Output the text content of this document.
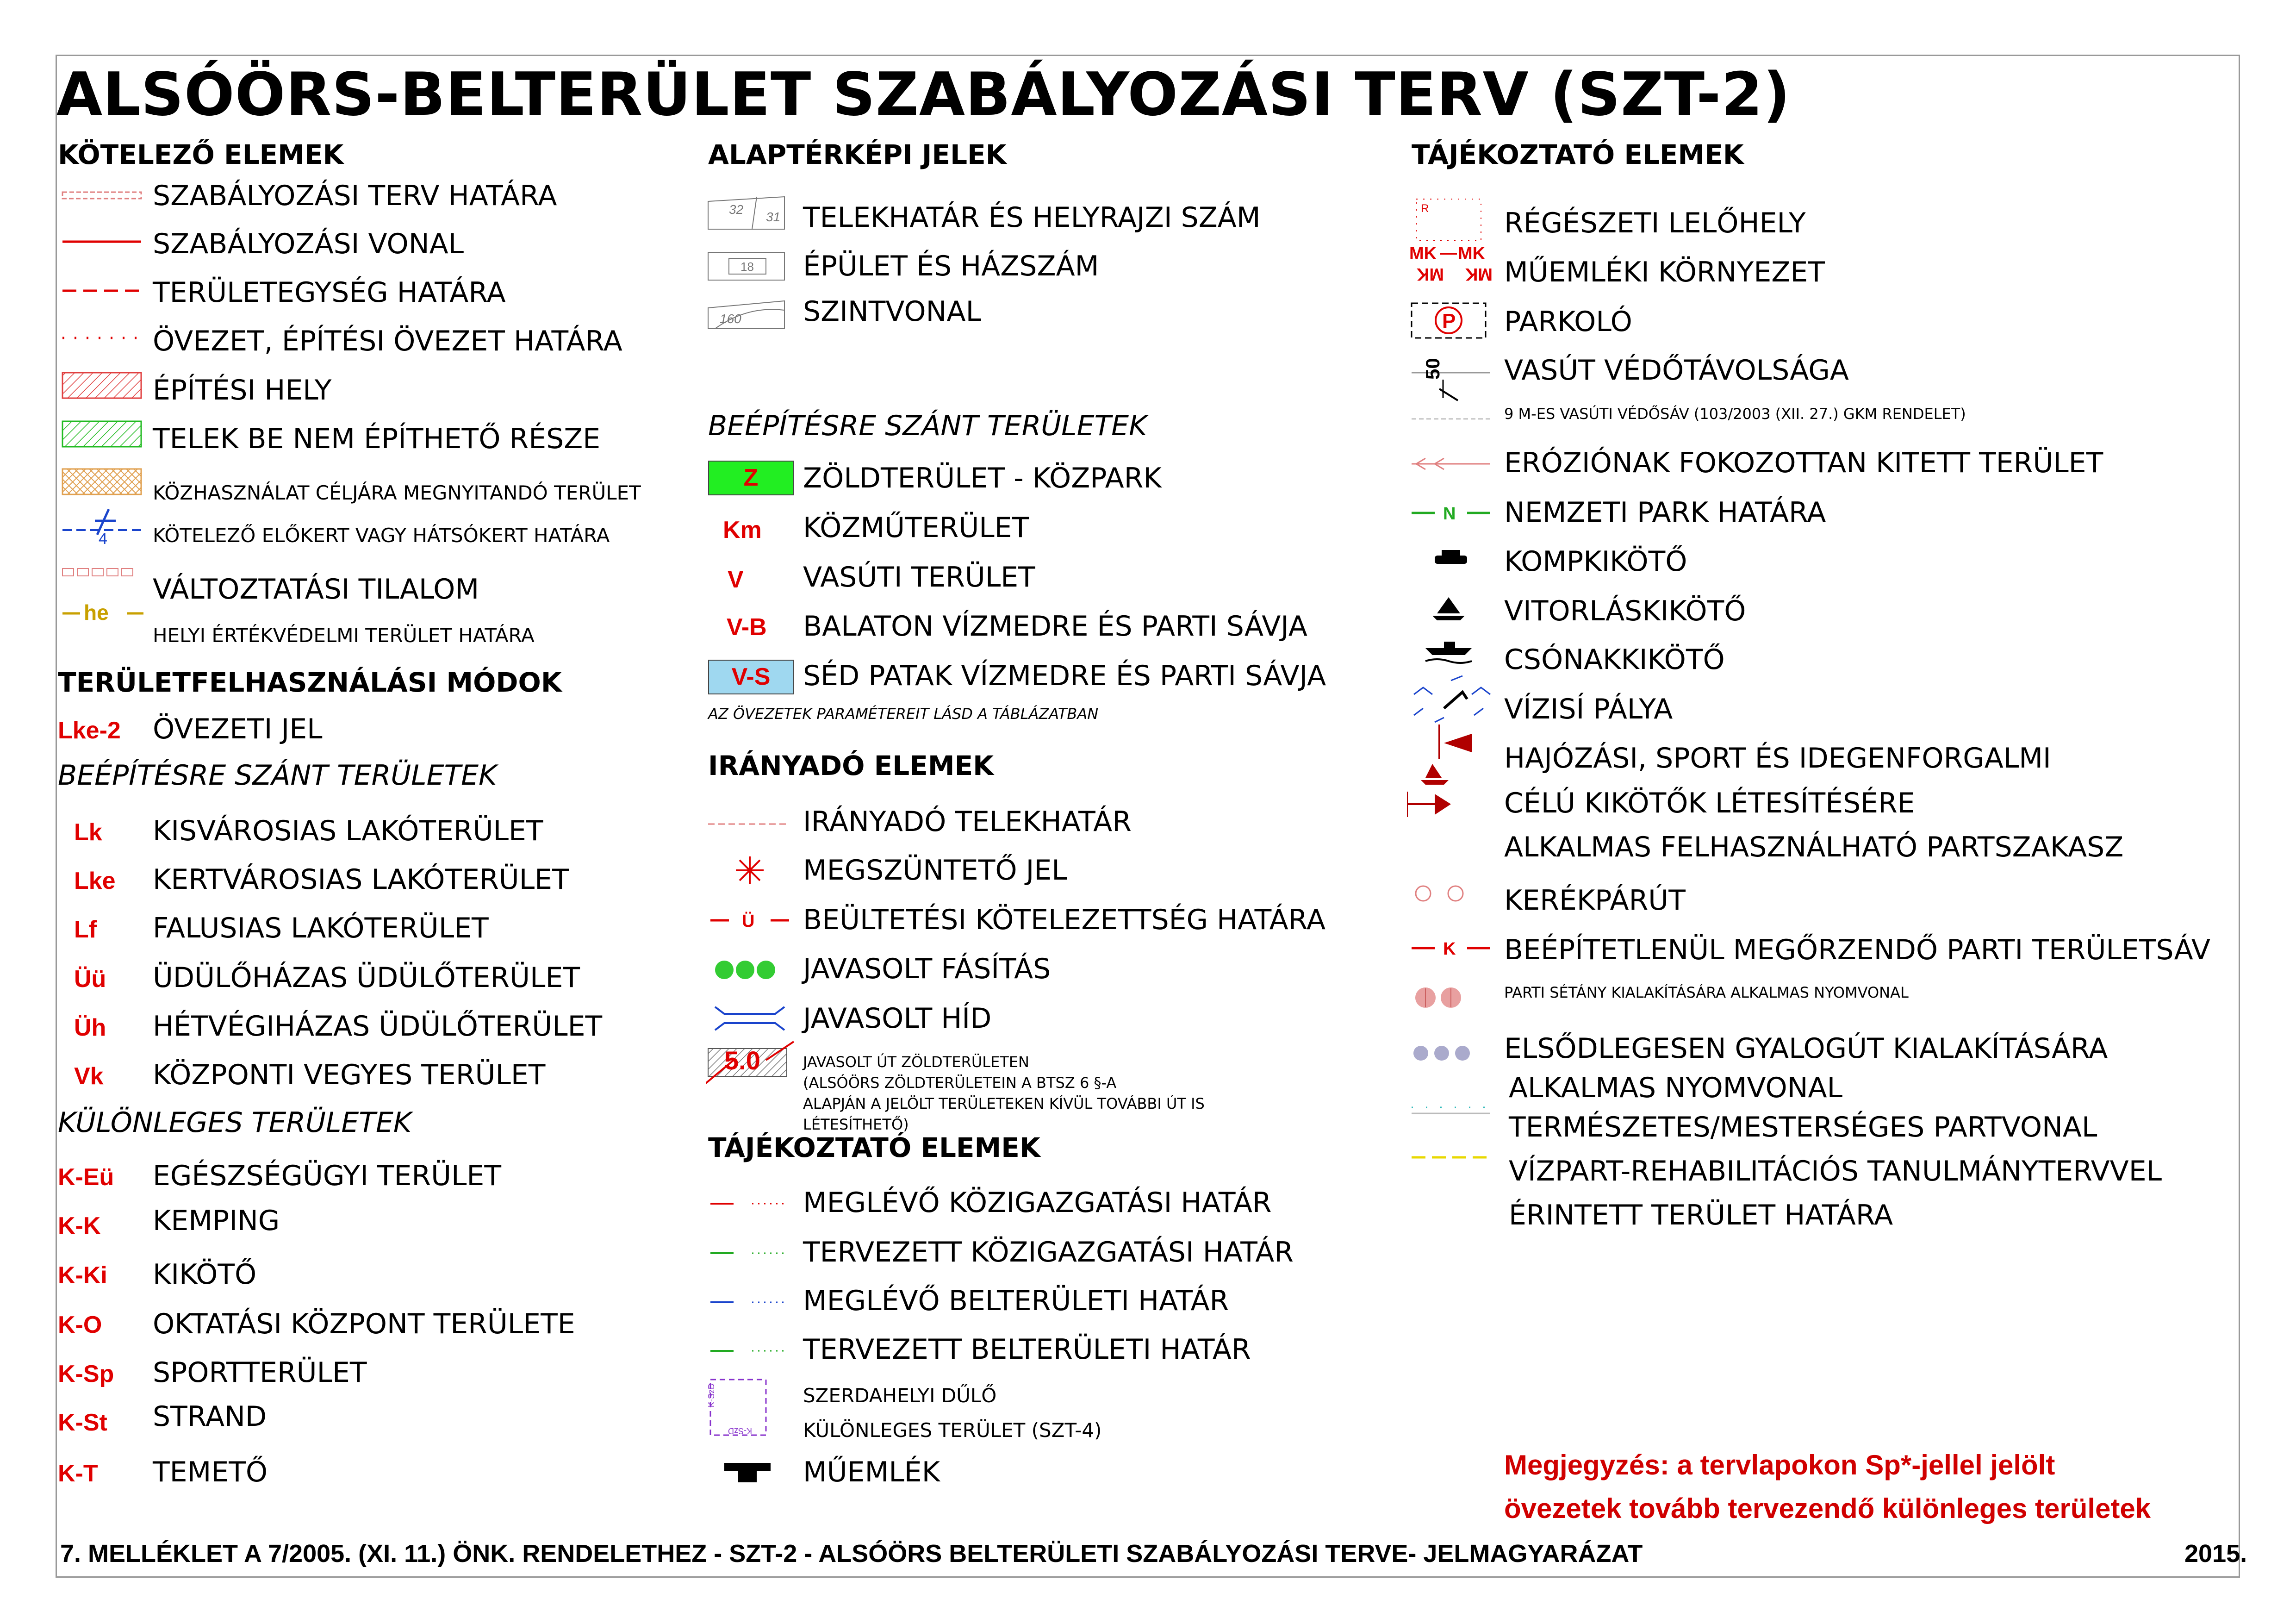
ALSÓÖRS-BELTERÜLET SZABÁLYOZÁSI TERV (SZT-2)
KÖTELEZŐ ELEMEK
4
he
SZABÁLYOZÁSI TERV HATÁRA
SZABÁLYOZÁSI VONAL
TERÜLETEGYSÉG HATÁRA
ÖVEZET, ÉPÍTÉSI ÖVEZET HATÁRA
ÉPÍTÉSI HELY
TELEK BE NEM ÉPÍTHETŐ RÉSZE
KÖZHASZNÁLAT CÉLJÁRA MEGNYITANDÓ TERÜLET
KÖTELEZŐ ELŐKERT VAGY HÁTSÓKERT HATÁRA
VÁLTOZTATÁSI TILALOM
HELYI ÉRTÉKVÉDELMI TERÜLET HATÁRA
TERÜLETFELHASZNÁLÁSI MÓDOK
Lke-2 ÖVEZETI JEL
BEÉPÍTÉSRE SZÁNT TERÜLETEK
Lk KISVÁROSIAS LAKÓTERÜLET
Lke KERTVÁROSIAS LAKÓTERÜLET
Lf FALUSIAS LAKÓTERÜLET
Üü ÜDÜLŐHÁZAS ÜDÜLŐTERÜLET
Üh HÉTVÉGIHÁZAS ÜDÜLŐTERÜLET
Vk KÖZPONTI VEGYES TERÜLET
KÜLÖNLEGES TERÜLETEK
K-Eü EGÉSZSÉGÜGYI TERÜLET
K-K KEMPING
K-Ki KIKÖTŐ
K-O OKTATÁSI KÖZPONT TERÜLETE
K-Sp SPORTTERÜLET
K-St STRAND
K-T TEMETŐ
ALAPTÉRKÉPI JELEK
32
31
18
160
TELEKHATÁR ÉS HELYRAJZI SZÁM
ÉPÜLET ÉS HÁZSZÁM
SZINTVONAL
BEÉPÍTÉSRE SZÁNT TERÜLETEK
Z	ZÖLDTERÜLET - KÖZPARK
Km KÖZMŰTERÜLET
V VASÚTI TERÜLET
V-B BALATON VÍZMEDRE ÉS PARTI SÁVJA
V-S	SÉD PATAK VÍZMEDRE ÉS PARTI SÁVJA
AZ ÖVEZETEK PARAMÉTEREIT LÁSD A TÁBLÁZATBAN
IRÁNYADÓ ELEMEK
Ü
5.0
IRÁNYADÓ TELEKHATÁR
MEGSZÜNTETŐ JEL
BEÜLTETÉSI KÖTELEZETTSÉG HATÁRA
JAVASOLT FÁSÍTÁS
JAVASOLT HÍD
JAVASOLT ÚT ZÖLDTERÜLETEN
(ALSÓÖRS ZÖLDTERÜLETEIN A BTSZ 6 §-A
ALAPJÁN A JELÖLT TERÜLETEKEN KÍVÜL TOVÁBBI ÚT IS
LÉTESÍTHETŐ)
TÁJÉKOZTATÓ ELEMEK
K-SzD
K-SzD
MEGLÉVŐ KÖZIGAZGATÁSI HATÁR
TERVEZETT KÖZIGAZGATÁSI HATÁR
MEGLÉVŐ BELTERÜLETI HATÁR
TERVEZETT BELTERÜLETI HATÁR
SZERDAHELYI DŰLŐ
KÜLÖNLEGES TERÜLET (SZT-4)
MŰEMLÉK
TÁJÉKOZTATÓ ELEMEK
R
MK MK
MK
MK
P
50
N
K
RÉGÉSZETI LELŐHELY
MŰEMLÉKI KÖRNYEZET
PARKOLÓ
VASÚT VÉDŐTÁVOLSÁGA
9 M-ES VASÚTI VÉDŐSÁV (103/2003 (XII. 27.) GKM RENDELET)
ERÓZIÓNAK FOKOZOTTAN KITETT TERÜLET
NEMZETI PARK HATÁRA
KOMPKIKÖTŐ
VITORLÁSKIKÖTŐ
CSÓNAKKIKÖTŐ
VÍZISÍ PÁLYA
HAJÓZÁSI, SPORT ÉS IDEGENFORGALMI
CÉLÚ KIKÖTŐK LÉTESÍTÉSÉRE
ALKALMAS FELHASZNÁLHATÓ PARTSZAKASZ
KERÉKPÁRÚT
BEÉPÍTETLENÜL MEGŐRZENDŐ PARTI TERÜLETSÁV
PARTI SÉTÁNY KIALAKÍTÁSÁRA ALKALMAS NYOMVONAL
ELSŐDLEGESEN GYALOGÚT KIALAKÍTÁSÁRA
ALKALMAS NYOMVONAL
TERMÉSZETES/MESTERSÉGES PARTVONAL
VÍZPART-REHABILITÁCIÓS TANULMÁNYTERVVEL
ÉRINTETT TERÜLET HATÁRA
Megjegyzés: a tervlapokon Sp*-jellel jelölt
övezetek tovább tervezendő különleges területek
7. MELLÉKLET A 7/2005. (XI. 11.) ÖNK. RENDELETHEZ - SZT-2 - ALSÓÖRS BELTERÜLETI SZABÁLYOZÁSI TERVE- JELMAGYARÁZAT	2015.
